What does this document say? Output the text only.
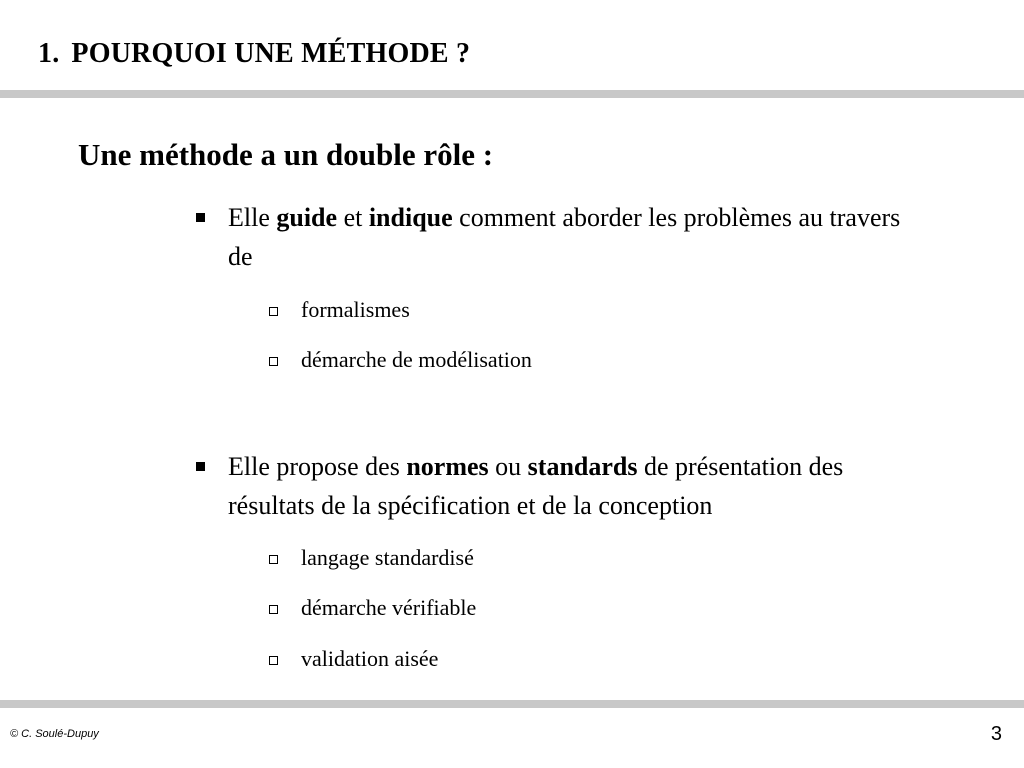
1. POURQUOI UNE MÉTHODE ?
Une méthode a un double rôle :
Elle guide et indique comment aborder les problèmes au travers de
formalismes
démarche de modélisation
Elle propose des normes ou standards de présentation des résultats de la spécification et de la conception
langage standardisé
démarche vérifiable
validation aisée
© C. Soulé-Dupuy	3
